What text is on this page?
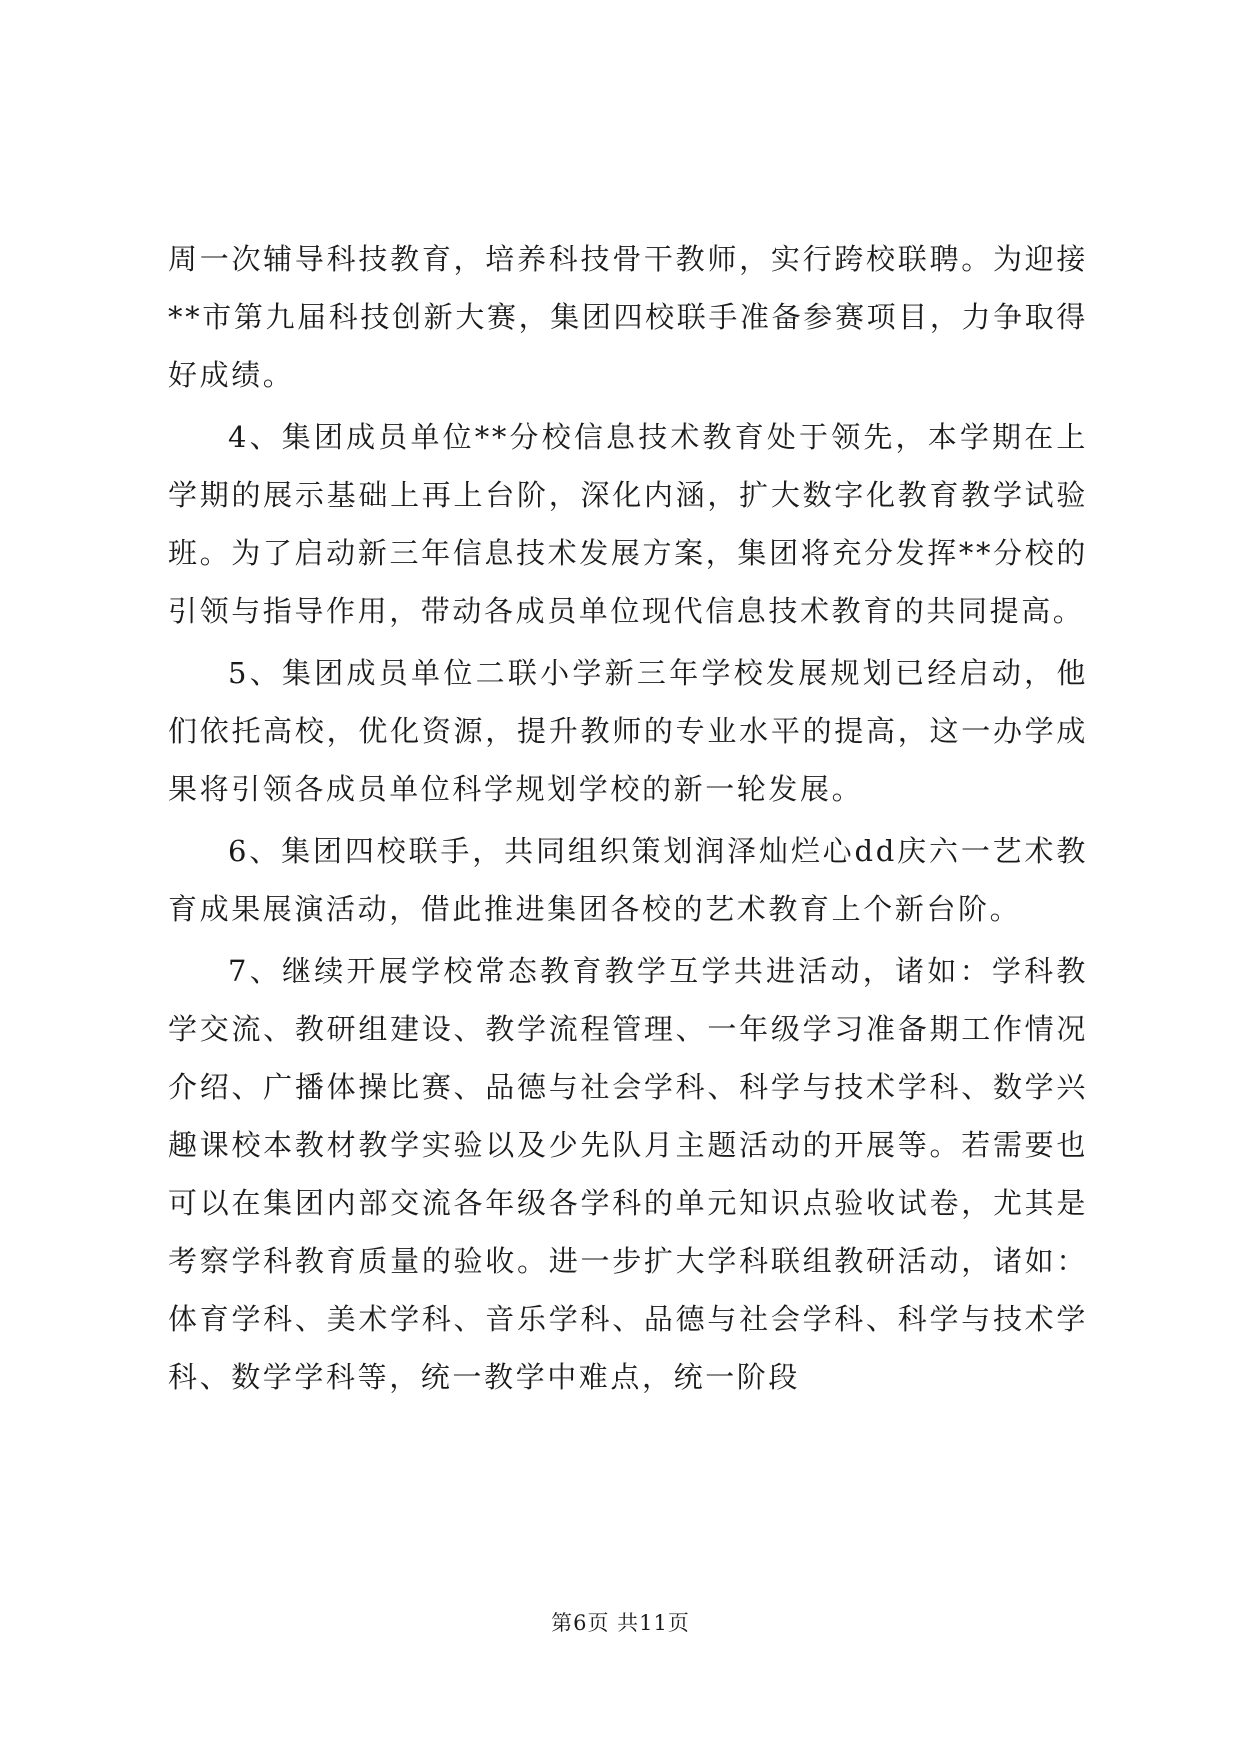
周一次辅导科技教育，培养科技骨干教师，实行跨校联聘。为迎接**市第九届科技创新大赛，集团四校联手准备参赛项目，力争取得好成绩。

4、集团成员单位**分校信息技术教育处于领先，本学期在上学期的展示基础上再上台阶，深化内涵，扩大数字化教育教学试验班。为了启动新三年信息技术发展方案，集团将充分发挥**分校的引领与指导作用，带动各成员单位现代信息技术教育的共同提高。

5、集团成员单位二联小学新三年学校发展规划已经启动，他们依托高校，优化资源，提升教师的专业水平的提高，这一办学成果将引领各成员单位科学规划学校的新一轮发展。

6、集团四校联手，共同组织策划润泽灿烂心dd庆六一艺术教育成果展演活动，借此推进集团各校的艺术教育上个新台阶。

7、继续开展学校常态教育教学互学共进活动，诸如：学科教学交流、教研组建设、教学流程管理、一年级学习准备期工作情况介绍、广播体操比赛、品德与社会学科、科学与技术学科、数学兴趣课校本教材教学实验以及少先队月主题活动的开展等。若需要也可以在集团内部交流各年级各学科的单元知识点验收试卷，尤其是考察学科教育质量的验收。进一步扩大学科联组教研活动，诸如：体育学科、美术学科、音乐学科、品德与社会学科、科学与技术学科、数学学科等，统一教学中难点，统一阶段

第6页 共11页
